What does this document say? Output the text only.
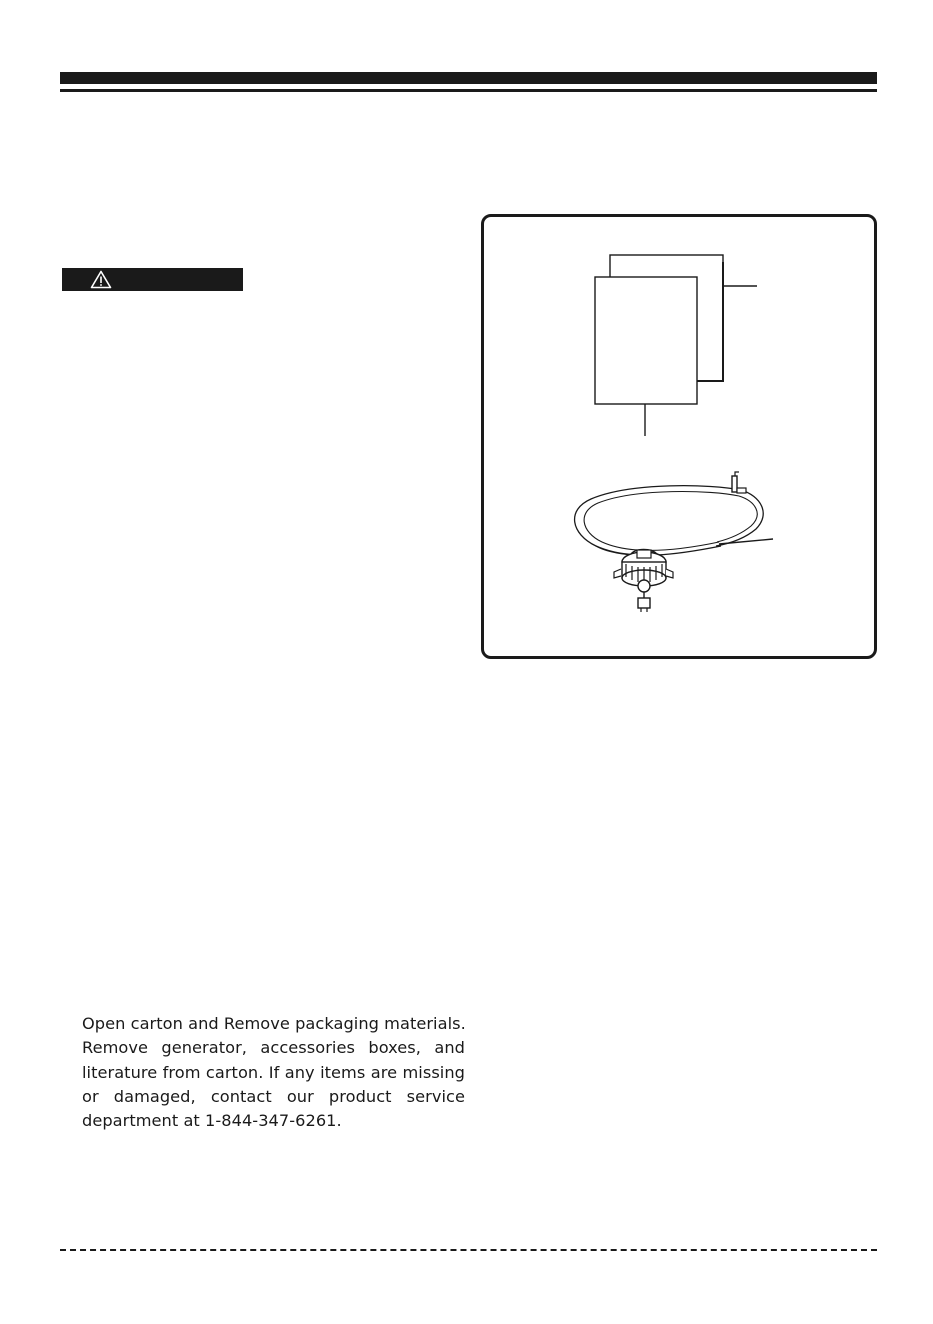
Open carton and Remove packaging materials.
Remove generator, accessories boxes, and
literature from carton. If any items are missing
or damaged, contact our product service
department at 1-844-347-6261.
